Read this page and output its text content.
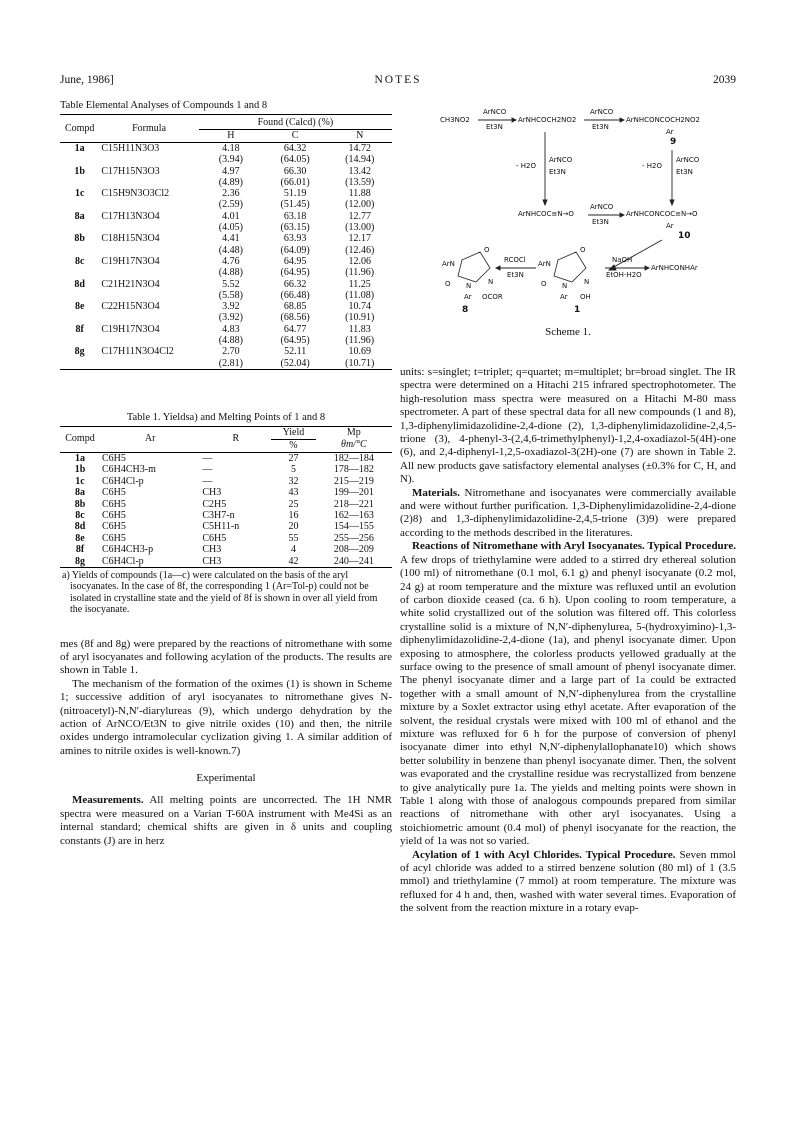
June, 1986]	NOTES	2039
Table Elemental Analyses of Compounds 1 and 8
Compd	Formula	Found (Calcd) (%)		
		H	C	N
1a	C15H11N3O3	4.18	64.32	14.72
		(3.94)	(64.05)	(14.94)
1b	C17H15N3O3	4.97	66.30	13.42
		(4.89)	(66.01)	(13.59)
1c	C15H9N3O3Cl2	2.36	51.19	11.88
		(2.59)	(51.45)	(12.00)
8a	C17H13N3O4	4.01	63.18	12.77
		(4.05)	(63.15)	(13.00)
8b	C18H15N3O4	4.41	63.93	12.17
		(4.48)	(64.09)	(12.46)
8c	C19H17N3O4	4.76	64.95	12.06
		(4.88)	(64.95)	(11.96)
8d	C21H21N3O4	5.52	66.32	11.25
		(5.58)	(66.48)	(11.08)
8e	C22H15N3O4	3.92	68.85	10.74
		(3.92)	(68.56)	(10.91)
8f	C19H17N3O4	4.83	64.77	11.83
		(4.88)	(64.95)	(11.96)
8g	C17H11N3O4Cl2	2.70	52.11	10.69
		(2.81)	(52.04)	(10.71)
Table 1. Yieldsa) and Melting Points of 1 and 8
Compd	Ar	R	Yield	Mp
			%	θm/°C
1a	C6H5	—	27	182—184
1b	C6H4CH3-m	—	5	178—182
1c	C6H4Cl-p	—	32	215—219
8a	C6H5	CH3	43	199—201
8b	C6H5	C2H5	25	218—221
8c	C6H5	C3H7-n	16	162—163
8d	C6H5	C5H11-n	20	154—155
8e	C6H5	C6H5	55	255—256
8f	C6H4CH3-p	CH3	4	208—209
8g	C6H4Cl-p	CH3	42	240—241
a) Yields of compounds (1a—c) were calculated on the basis of the aryl isocyanates. In the case of 8f, the corresponding 1 (Ar=Tol-p) could not be isolated in crystalline state and the yield of 8f is shown in over all yield from the isocyanate.

mes (8f and 8g) were prepared by the reactions of nitromethane with some of aryl isocyanates and following acylation of the products. The results are shown in Table 1.

The mechanism of the formation of the oximes (1) is shown in Scheme 1; successive addition of aryl isocyanates to nitromethane gives N-(nitroacetyl)-N,N′-diarylureas (9), which undergo dehydration by the action of ArNCO/Et3N to give nitrile oxides (10) and then, the nitrile oxides undergo intramolecular cyclization giving 1. A similar addition of amines to nitrile oxides is well-known.7)

Experimental

Measurements. All melting points are uncorrected. The 1H NMR spectra were measured on a Varian T-60A instrument with Me4Si as an internal standard; chemical shifts are given in δ units and coupling constants (J) are in herz

CH3NO2
ArNCO
Et3N
ArNHCOCH2NO2
ArNCO
Et3N
ArNHCONCOCH2NO2
Ar
9
- H2O
ArNCO
Et3N
- H2O
ArNCO
Et3N
ArNHCOC≡N→O
ArNCO
Et3N
ArNHCONCOC≡N→O
Ar
10
ArN
O
O N N
Ar OCOR
8
RCOCl
Et3N
ArN
O
O N N
Ar OH
1
NaOH
EtOH-H2O
ArNHCONHAr
Scheme 1.

units: s=singlet; t=triplet; q=quartet; m=multiplet; br=broad singlet. The IR spectra were determined on a Hitachi 215 infrared spectrophotometer. The high-resolution mass spectra were measured on a Hitachi M-80 mass spectrometer. A part of these spectral data for all new compounds (1 and 8), 1,3-diphenylimidazolidine-2,4-dione (2), 1,3-diphenylimidazolidine-2,4,5-trione (3), 4-phenyl-3-(2,4,6-trimethylphenyl)-1,2,4-oxadiazol-5(4H)-one (6), and 2,4-diphenyl-1,2,5-oxadiazol-3(2H)-one (7) are shown in Table 2. All new products gave satisfactory elemental analyses (±0.3% for C, H, and N).

Materials. Nitromethane and isocyanates were commercially available and were without further purification. 1,3-Diphenylimidazolidine-2,4-dione (2)8) and 1,3-diphenylimidazolidine-2,4,5-trione (3)9) were prepared according to the methods described in the literatures.

Reactions of Nitromethane with Aryl Isocyanates. Typical Procedure. A few drops of triethylamine were added to a stirred dry ethereal solution (100 ml) of nitromethane (0.1 mol, 6.1 g) and phenyl isocyanate (0.2 mol, 24 g) at room temperature and the mixture was refluxed until an evolution of carbon dioxide ceased (ca. 6 h). Upon cooling to room temperature, a white solid crystallized out of the solution was filtered off. This colorless crystalline solid is a mixture of N,N′-diphenylurea, 5-(hydroxyimino)-1,3-diphenylimidazolidine-2,4-dione (1a), and phenyl isocyanate dimer. Upon exposing to atmosphere, the colorless products yellowed gradually at the surface owing to the presence of small amount of phenyl isocyanate dimer. The phenyl isocyanate dimer and a large part of 1a could be extracted together with a small amount of N,N′-diphenylurea from the crystalline mixture by a Soxlet extractor using ethyl acetate. After evaporation of the solvent, the residual crystals were mixed with 100 ml of ethanol and the mixture was refluxed for 6 h for the purpose of conversion of phenyl isocyanate dimer into ethyl N,N′-diphenylallophanate10) which shows better solubility in benzene than phenyl isocyanate dimer. Then, the solvent was evaporated and the crystalline residue was recrystallized from benzene to give analytically pure 1a. The yields and melting points were shown in Table 1 along with those of analogous compounds prepared from similar reactions of nitromethane with other aryl isocyanates. Using a stoichiometric amount (0.4 mol) of phenyl isocyanate for the reaction, the yield of 1a was not so varied.

Acylation of 1 with Acyl Chlorides. Typical Procedure. Seven mmol of acyl chloride was added to a stirred benzene solution (80 ml) of 1 (3.5 mmol) and triethylamine (7 mmol) at room temperature. The mixture was refluxed for 4 h and, then, washed with water several times. Evaporation of the solvent from the reaction mixture in a rotary evap-
